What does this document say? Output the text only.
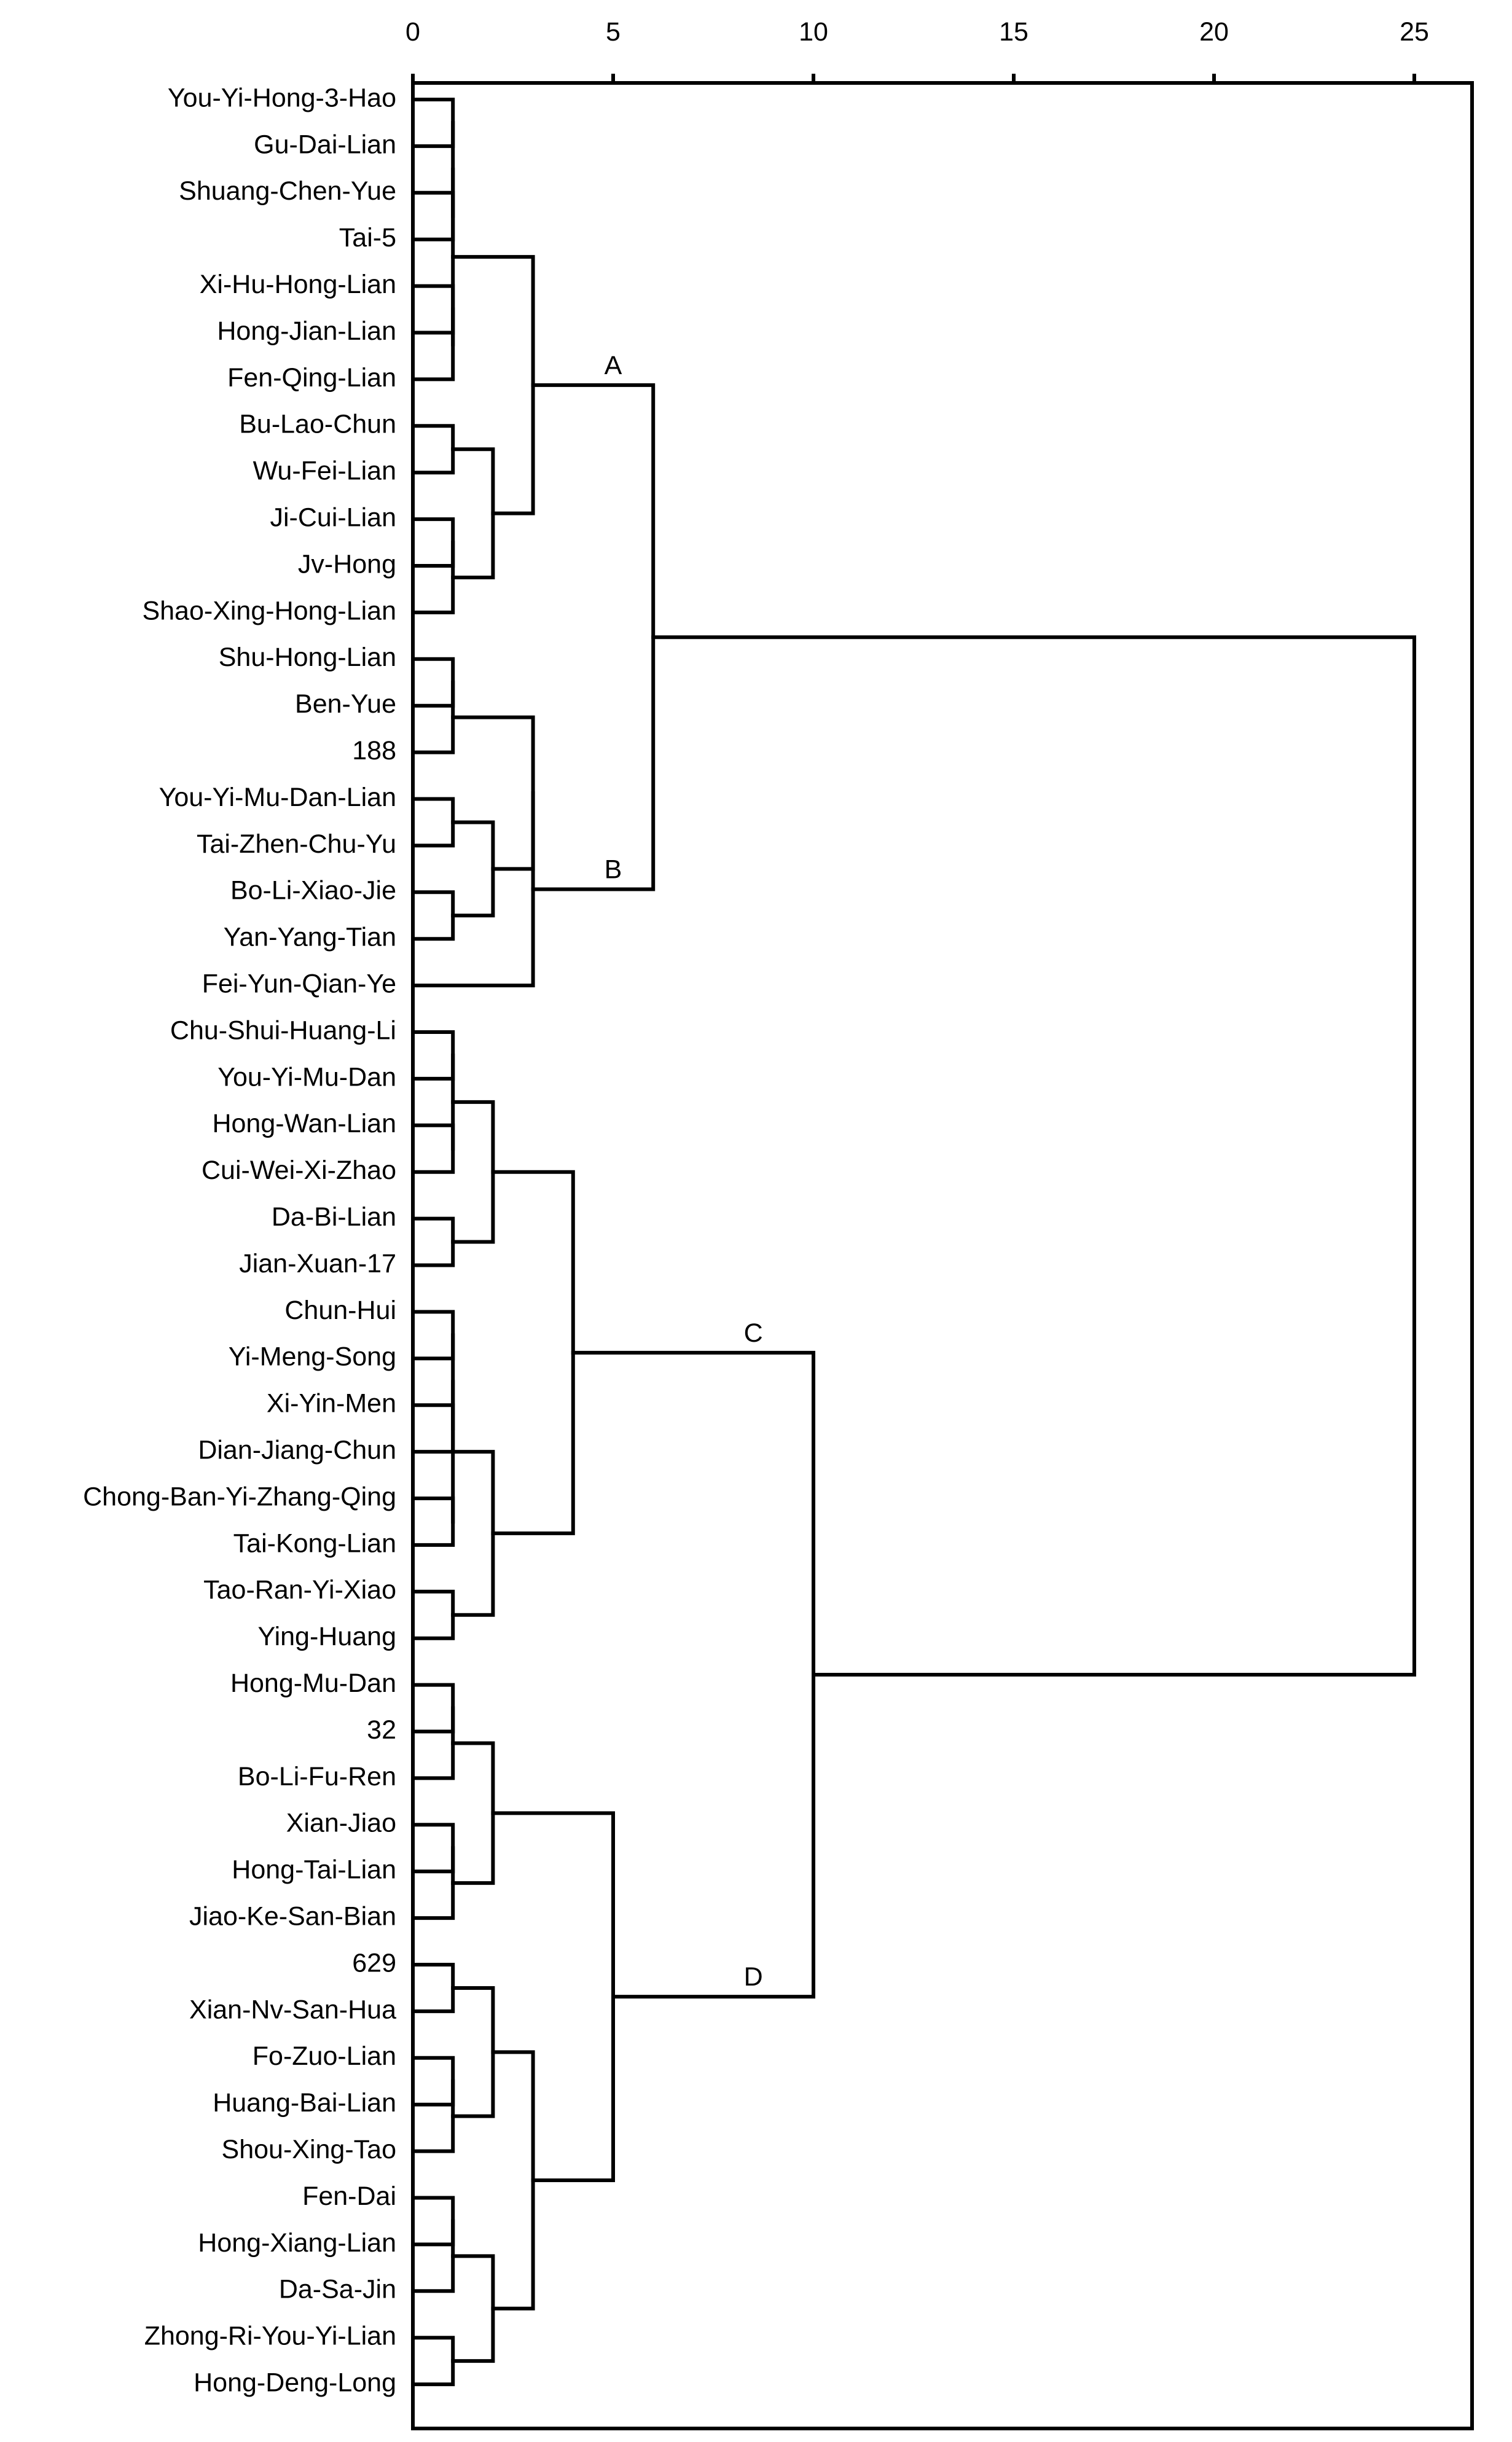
0	5	10	15	20	25
You-Yi-Hong-3-Hao
Gu-Dai-Lian
Shuang-Chen-Yue
Tai-5
Xi-Hu-Hong-Lian
Hong-Jian-Lian
Fen-Qing-Lian
Bu-Lao-Chun
Wu-Fei-Lian
Ji-Cui-Lian
Jv-Hong
Shao-Xing-Hong-Lian
Shu-Hong-Lian
Ben-Yue
188
You-Yi-Mu-Dan-Lian
Tai-Zhen-Chu-Yu
Bo-Li-Xiao-Jie
Yan-Yang-Tian
Fei-Yun-Qian-Ye
Chu-Shui-Huang-Li
You-Yi-Mu-Dan
Hong-Wan-Lian
Cui-Wei-Xi-Zhao
Da-Bi-Lian
Jian-Xuan-17
Chun-Hui
Yi-Meng-Song
Xi-Yin-Men
Dian-Jiang-Chun
Chong-Ban-Yi-Zhang-Qing
Tai-Kong-Lian
Tao-Ran-Yi-Xiao
Ying-Huang
Hong-Mu-Dan
32
Bo-Li-Fu-Ren
Xian-Jiao
Hong-Tai-Lian
Jiao-Ke-San-Bian
629
Xian-Nv-San-Hua
Fo-Zuo-Lian
Huang-Bai-Lian
Shou-Xing-Tao
Fen-Dai
Hong-Xiang-Lian
Da-Sa-Jin
Zhong-Ri-You-Yi-Lian
Hong-Deng-Long
A
B
C
D
